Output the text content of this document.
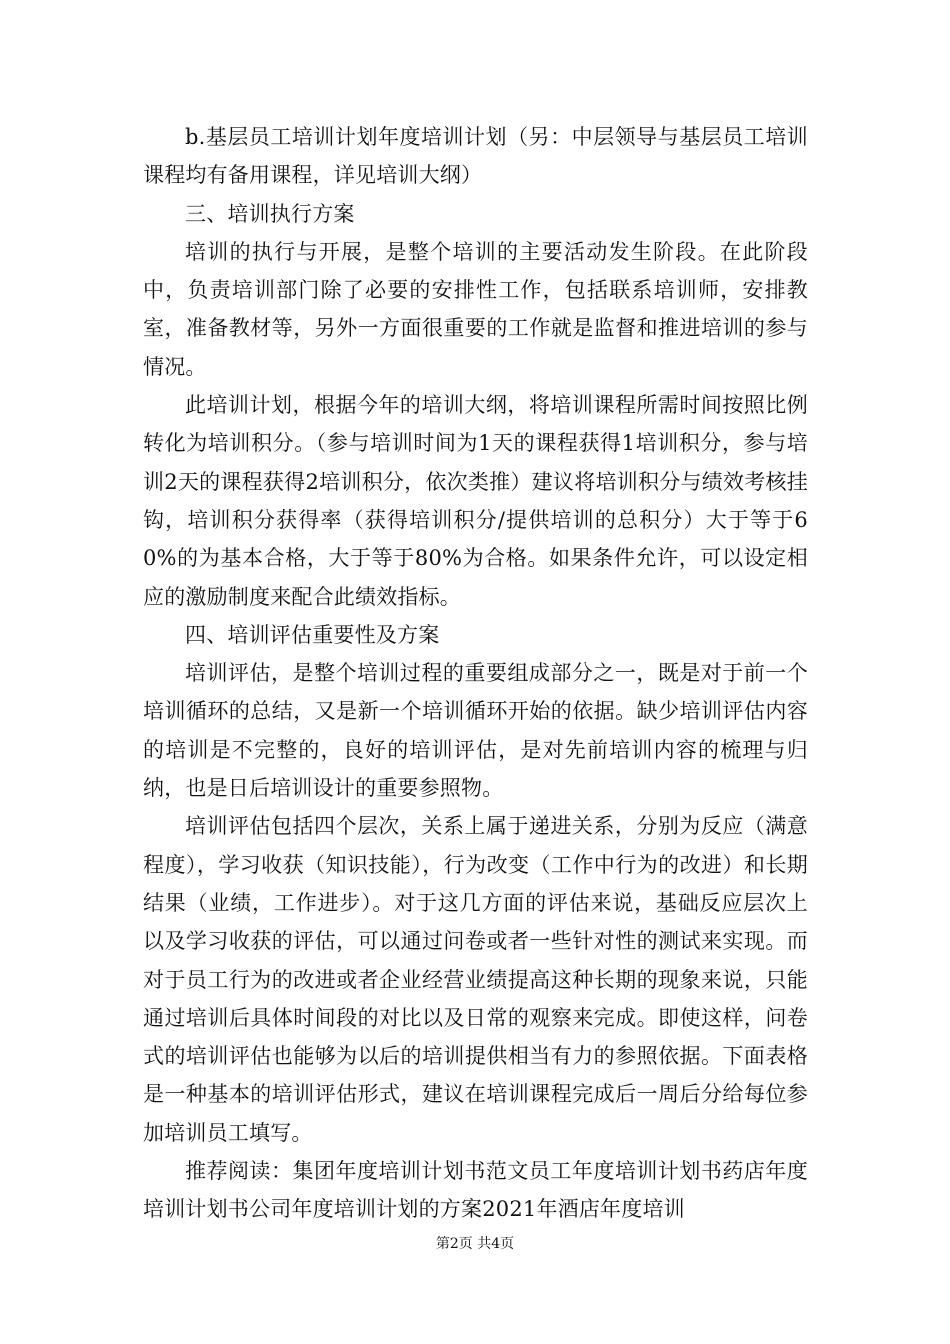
b.基层员工培训计划年度培训计划（另：中层领导与基层员工培训课程均有备用课程，详见培训大纲）

三、培训执行方案

培训的执行与开展，是整个培训的主要活动发生阶段。在此阶段中，负责培训部门除了必要的安排性工作，包括联系培训师，安排教室，准备教材等，另外一方面很重要的工作就是监督和推进培训的参与情况。

此培训计划，根据今年的培训大纲，将培训课程所需时间按照比例转化为培训积分。（参与培训时间为1天的课程获得1培训积分，参与培训2天的课程获得2培训积分，依次类推）建议将培训积分与绩效考核挂钩，培训积分获得率（获得培训积分/提供培训的总积分）大于等于60%的为基本合格，大于等于80%为合格。如果条件允许，可以设定相应的激励制度来配合此绩效指标。

四、培训评估重要性及方案

培训评估，是整个培训过程的重要组成部分之一，既是对于前一个培训循环的总结，又是新一个培训循环开始的依据。缺少培训评估内容的培训是不完整的，良好的培训评估，是对先前培训内容的梳理与归纳，也是日后培训设计的重要参照物。

培训评估包括四个层次，关系上属于递进关系，分别为反应（满意程度），学习收获（知识技能），行为改变（工作中行为的改进）和长期结果（业绩，工作进步）。对于这几方面的评估来说，基础反应层次上以及学习收获的评估，可以通过问卷或者一些针对性的测试来实现。而对于员工行为的改进或者企业经营业绩提高这种长期的现象来说，只能通过培训后具体时间段的对比以及日常的观察来完成。即使这样，问卷式的培训评估也能够为以后的培训提供相当有力的参照依据。下面表格是一种基本的培训评估形式，建议在培训课程完成后一周后分给每位参加培训员工填写。

推荐阅读：集团年度培训计划书范文员工年度培训计划书药店年度培训计划书公司年度培训计划的方案2021年酒店年度培训

第2页 共4页
